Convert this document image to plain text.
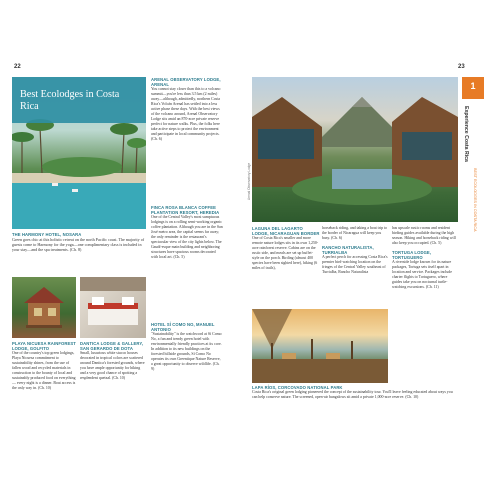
22	23
Best Ecolodges in Costa Rica
THE HARMONY HOTEL, NOSARA
Green goes chic at this holistic retreat on the north Pacific coast. The majority of guests come to Harmony for the yoga—one complimentary class is included in your stay—and the spa treatments. (Ch. 8)
PLAYA NICUESA RAINFOREST LODGE, GOLFITO
One of the country's top green lodgings, Playa Nicuesa commitment to sustainability shines, from the use of fallen wood and recycled materials in construction to the bounty of local and sustainably produced food on everything — every night is a dinner. Boat access is the only way in. (Ch. 10)
DANTICA LODGE & GALLERY, SAN GERARDO DE DOTA
Small, luxurious white stucco houses decorated in tropical colors are scattered around Dantica's forested grounds, where you have ample opportunity for hiking and a very good chance of spotting a resplendent quetzal. (Ch. 10)
ARENAL OBSERVATORY LODGE, ARENAL
You cannot stay closer than this to a volcano summit—you're less than 3.5 km (2 miles) away—although, admittedly, northern Costa Rica's Volcán Arenal has settled into a less active phase these days. With the best views of the volcano around, Arenal Observatory Lodge sits amid an 870-acre private reserve perfect for nature walks. Plus, the folks here take active steps to protect the environment and participate in local community projects. (Ch. 6)
FINCA ROSA BLANCA COFFEE PLANTATION RESORT, HEREDIA
One of the Central Valley's most sumptuous lodgings is on a rolling semi-working organic coffee plantation. Although you are in the San José metro area, the capital seems far away; the only reminder is the restaurant's spectacular view of the city lights below. The Gaudí-esque main building and neighboring structures have spacious rooms decorated with local art. (Ch. 5)
HOTEL SÍ COMO NO, MANUEL ANTONIO
"Sustainability" is the watchword at Sí Como No, a fun and trendy green hotel with environmentally friendly practices at its core. In addition to its new buildings on the forested hillside grounds, Sí Como No operates its own Greentique Nature Reserve, a great opportunity to observe wildlife. (Ch. 9)
Arenal Observatory Lodge
LAGUNA DEL LAGARTO LODGE, NICARAGUAN BORDER
One of Costa Rica's smaller and more remote nature lodges sits in its own 1,250-acre rainforest reserve. Cabins are on the rustic side, and meals are set up buffet-style on the porch. Birding (almost 400 species have been sighted here), hiking (6 miles of trails),
horseback riding, and taking a boat trip to the border of Nicaragua will keep you busy. (Ch. 6)
RANCHO NATURALISTA, TURRIALBA
A perfect perch for accessing Costa Rica's premier bird-watching location on the fringes of the Central Valley southeast of Turrialba, Rancho Naturalista
has upscale rustic rooms and resident birding guides available during the high season. Hiking and horseback riding will also keep you occupied. (Ch. 5)
TORTUGA LODGE, TORTUGUERO
A riverside lodge known for its nature packages, Tortuga sets itself apart in location and service. Packages include charter flights to Tortuguero, where guides take you on nocturnal turtle-watching excursions. (Ch. 11)
LAPA RÍOS, CORCOVADO NATIONAL PARK
Costa Rica's original green lodging pioneered the concept of the sustainability tour. You'll leave feeling educated about ways you can help conserve nature. The screened, open-air bungalows sit amid a private 1,000-acre reserve. (Ch. 10)
1
Experience Costa Rica
BEST ECOLODGES IN COSTA RICA
